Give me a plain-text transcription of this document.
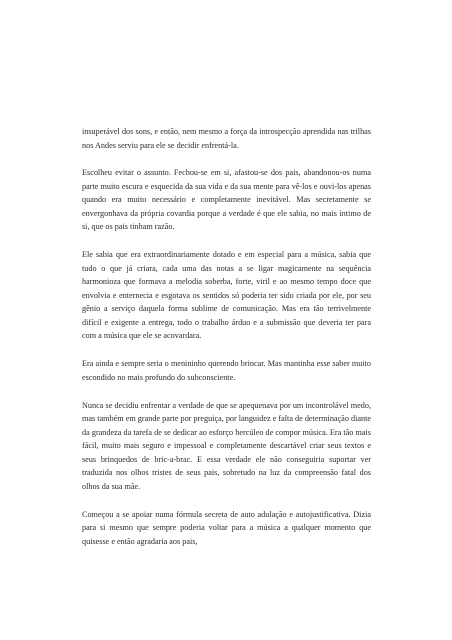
insuperável dos sons, e então, nem mesmo a força da introspecção aprendida nas trilhas nos Andes serviu para ele se decidir enfrentá-la.

Escolheu evitar o assunto. Fechou-se em si, afastou-se dos pais, abandonou-os numa parte muito escura e esquecida da sua vida e da sua mente para vê-los e ouvi-los apenas quando era muito necessário e completamente inevitável. Mas secretamente se envergonhava da própria covardia porque a verdade é que ele sabia, no mais íntimo de si, que os pais tinham razão.

Ele sabia que era extraordinariamente dotado e em especial para a música, sabia que tudo o que já criara, cada uma das notas a se ligar magicamente na sequência harmonioza que formava a melodia soberba, forte, viril e ao mesmo tempo doce que envolvia e enternecia e esgotava os sentidos só poderia ter sido criada por ele, por seu gênio a serviço daquela forma sublime de comunicação. Mas era tão terrivelmente difícil e exigente a entrega, todo o trabalho árduo e a submissão que deveria ter para com a música que ele se acovardara.

Era ainda e sempre seria o menininho querendo brincar. Mas mantinha esse saber muito escondido no mais profundo do subconsciente.

Nunca se decidiu enfrentar a verdade de que se apequenava por um incontrolável medo, mas também em grande parte por preguiça, por languidez e falta de determinação diante da grandeza da tarefa de se dedicar ao esforço hercúleo de compor música. Era tão mais fácil, muito mais seguro e impessoal e completamente descartável criar seus textos e seus brinquedos de bric-a-brac. E essa verdade ele não conseguiria suportar ver traduzida nos olhos tristes de seus pais, sobretudo na luz da compreensão fatal dos olhos da sua mãe.

Começou a se apoiar numa fórmula secreta de auto adulação e autojustificativa. Dizia para si mesmo que sempre poderia voltar para a música a qualquer momento que quisesse e então agradaria aos pais,
